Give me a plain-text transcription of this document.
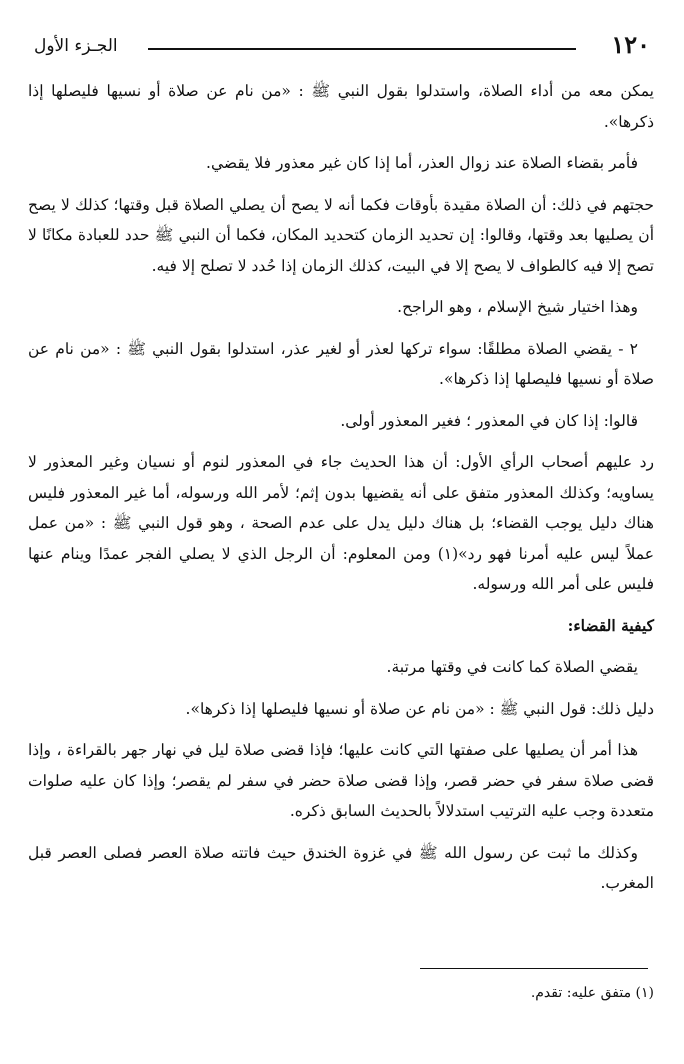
١٢٠
الجـزء الأول

يمكن معه من أداء الصلاة، واستدلوا بقول النبي ﷺ : «من نام عن صلاة أو نسيها فليصلها إذا ذكرها».

فأمر بقضاء الصلاة عند زوال العذر، أما إذا كان غير معذور فلا يقضي.

حجتهم في ذلك: أن الصلاة مقيدة بأوقات فكما أنه لا يصح أن يصلي الصلاة قبل وقتها؛ كذلك لا يصح أن يصليها بعد وقتها، وقالوا: إن تحديد الزمان كتحديد المكان، فكما أن النبي ﷺ حدد للعبادة مكانًا لا تصح إلا فيه كالطواف لا يصح إلا في البيت، كذلك الزمان إذا حُدد لا تصلح إلا فيه.

وهذا اختيار شيخ الإسلام ، وهو الراجح.

٢ - يقضي الصلاة مطلقًا: سواء تركها لعذر أو لغير عذر، استدلوا بقول النبي ﷺ : «من نام عن صلاة أو نسيها فليصلها إذا ذكرها».

قالوا: إذا كان في المعذور ؛ فغير المعذور أولى.

رد عليهم أصحاب الرأي الأول: أن هذا الحديث جاء في المعذور لنوم أو نسيان وغير المعذور لا يساويه؛ وكذلك المعذور متفق على أنه يقضيها بدون إثم؛ لأمر الله ورسوله، أما غير المعذور فليس هناك دليل يوجب القضاء؛ بل هناك دليل يدل على عدم الصحة ، وهو قول النبي ﷺ : «من عمل عملاً ليس عليه أمرنا فهو رد»(١) ومن المعلوم: أن الرجل الذي لا يصلي الفجر عمدًا وينام عنها فليس على أمر الله ورسوله.

كيفية القضاء:

يقضي الصلاة كما كانت في وقتها مرتبة.

دليل ذلك: قول النبي ﷺ : «من نام عن صلاة أو نسيها فليصلها إذا ذكرها».

هذا أمر أن يصليها على صفتها التي كانت عليها؛ فإذا قضى صلاة ليل في نهار جهر بالقراءة ، وإذا قضى صلاة سفر في حضر قصر، وإذا قضى صلاة حضر في سفر لم يقصر؛ وإذا كان عليه صلوات متعددة وجب عليه الترتيب استدلالاً بالحديث السابق ذكره.

وكذلك ما ثبت عن رسول الله ﷺ في غزوة الخندق حيث فاتته صلاة العصر فصلى العصر قبل المغرب.

(١) متفق عليه: تقدم.
